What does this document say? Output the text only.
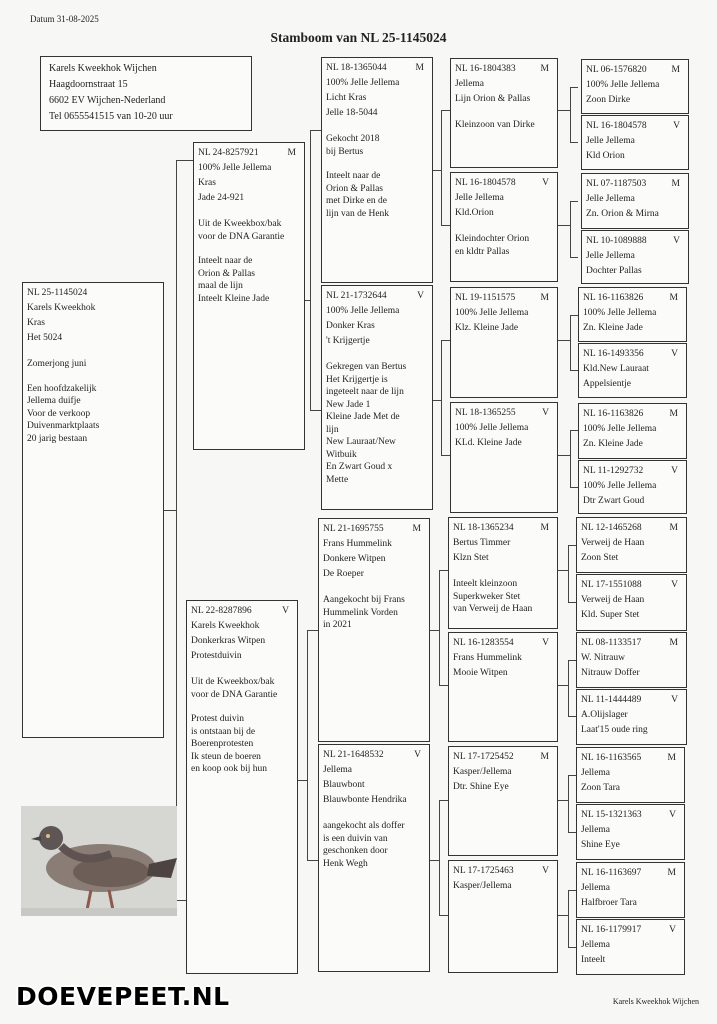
Datum 31-08-2025
Stamboom van NL 25-1145024
Karels Kweekhok Wijchen
Haagdoornstraat 15
6602 EV Wijchen-Nederland
Tel 0655541515 van 10-20 uur
NL 25-1145024
Karels Kweekhok
Kras
Het 5024
Zomerjong juni
Een hoofdzakelijk
Jellema duifje
Voor de verkoop
Duivenmarktplaats
20 jarig bestaan
NL 24-8257921	M
100% Jelle Jellema
Kras
Jade 24-921
Uit de Kweekbox/bak
voor de DNA Garantie
Inteelt naar de
Orion & Pallas
maal de lijn
Inteelt Kleine Jade
NL 22-8287896	V
Karels Kweekhok
Donkerkras Witpen
Protestduivin
Uit de Kweekbox/bak
voor de DNA Garantie
Protest duivin
is ontstaan bij de
Boerenprotesten
Ik steun de boeren
en koop ook bij hun
NL 18-1365044	M
100% Jelle Jellema
Licht Kras
Jelle 18-5044
Gekocht 2018
bij Bertus
Inteelt naar de
Orion & Pallas
met Dirke en de
lijn van de Henk
NL 21-1732644	V
100% Jelle Jellema
Donker Kras
't Krijgertje
Gekregen van Bertus
Het Krijgertje is
ingeteelt naar de lijn
New Jade 1
Kleine Jade Met de
lijn
New Lauraat/New
Witbuik
En Zwart Goud x
Mette
NL 21-1695755	M
Frans Hummelink
Donkere Witpen
De Roeper
Aangekocht bij Frans
Hummelink Vorden
in 2021
NL 21-1648532	V
Jellema
Blauwbont
Blauwbonte Hendrika
aangekocht als doffer
is een duivin van
geschonken door
Henk Wegh
NL 16-1804383	M
Jellema
Lijn Orion & Pallas
Kleinzoon van Dirke
NL 16-1804578	V
Jelle Jellema
Kld.Orion
Kleindochter Orion
en kldtr Pallas
NL 19-1151575	M
100% Jelle Jellema
Klz. Kleine Jade
NL 18-1365255	V
100% Jelle Jellema
KLd. Kleine Jade
NL 18-1365234	M
Bertus Timmer
Klzn Stet
Inteelt kleinzoon
Superkweker Stet
van Verweij de Haan
NL 16-1283554	V
Frans Hummelink
Mooie Witpen
NL 17-1725452	M
Kasper/Jellema
Dtr. Shine Eye
NL 17-1725463	V
Kasper/Jellema
NL 06-1576820	M
100% Jelle Jellema
Zoon Dirke
NL 16-1804578	V
Jelle Jellema
Kld Orion
NL 07-1187503	M
Jelle Jellema
Zn. Orion & Mirna
NL 10-1089888	V
Jelle Jellema
Dochter Pallas
NL 16-1163826	M
100% Jelle Jellema
Zn. Kleine Jade
NL 16-1493356	V
Kld.New Lauraat
Appelsientje
NL 16-1163826	M
100% Jelle Jellema
Zn. Kleine Jade
NL 11-1292732	V
100% Jelle Jellema
Dtr Zwart Goud
NL 12-1465268	M
Verweij de Haan
Zoon Stet
NL 17-1551088	V
Verweij de Haan
Kld. Super Stet
NL 08-1133517	M
W. Nitrauw
Nitrauw Doffer
NL 11-1444489	V
A.Olijslager
Laat'15 oude ring
NL 16-1163565	M
Jellema
Zoon Tara
NL 15-1321363	V
Jellema
Shine Eye
NL 16-1163697	M
Jellema
Halfbroer Tara
NL 16-1179917	V
Jellema
Inteelt
DOEVEPEET.NL	Karels Kweekhok Wijchen
